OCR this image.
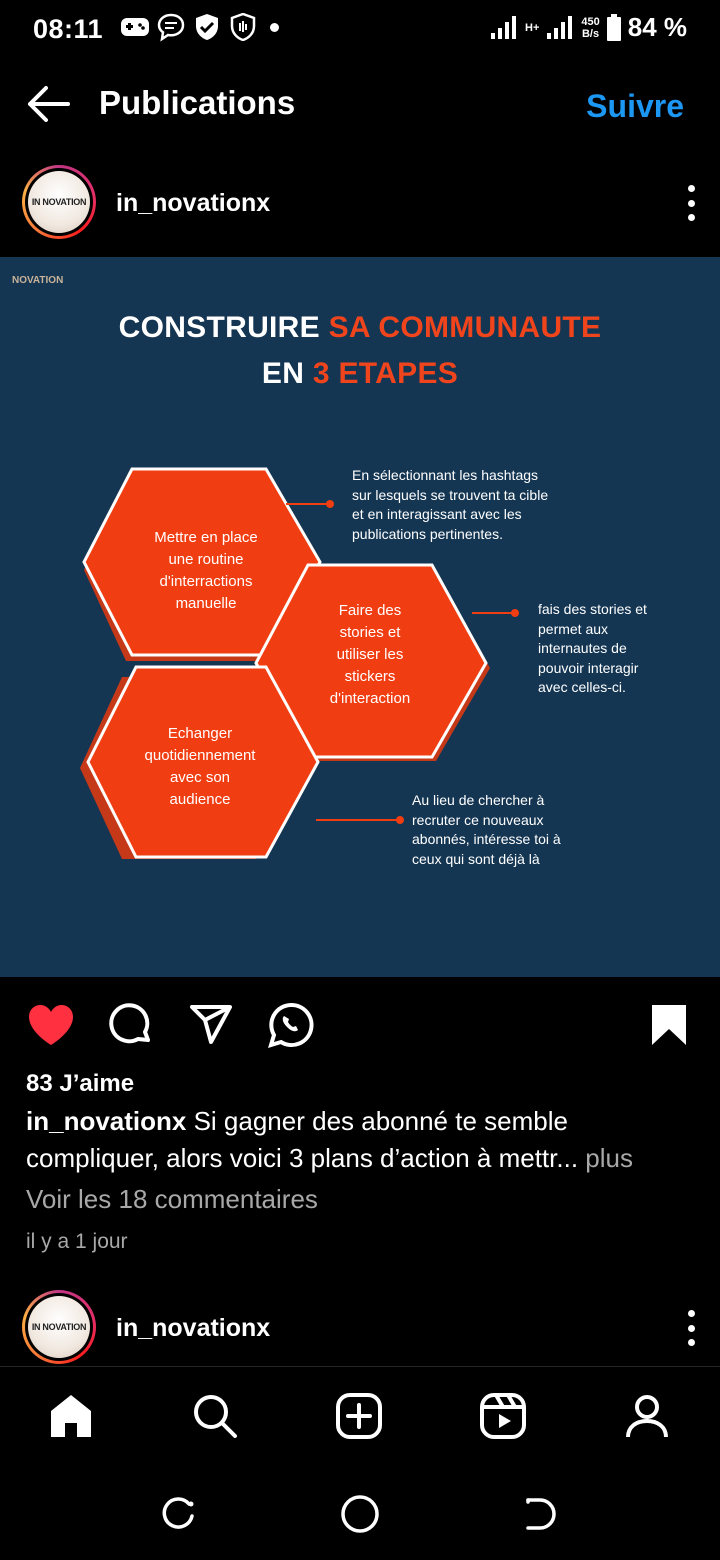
08:11	H+	450
B/s 84 %
Publications	Suivre
IN NOVATION in_novationx
NOVATION
CONSTRUIRE SA COMMUNAUTE
EN 3 ETAPES
Mettre en place
une routine
d'interractions
manuelle	Faire des
stories et
utiliser les
stickers
d'interaction
Echanger
quotidiennement
avec son
audience
En sélectionnant les hashtags
sur lesquels se trouvent ta cible
et en interagissant avec les
publications pertinentes.
fais des stories et
permet aux
internautes de
pouvoir interagir
avec celles-ci.
Au lieu de chercher à
recruter ce nouveaux
abonnés, intéresse toi à
ceux qui sont déjà là
83 J’aime
in_novationx Si gagner des abonné te semble compliquer, alors voici 3 plans d’action à mettr... plus
Voir les 18 commentaires
il y a 1 jour
IN NOVATION in_novationx
